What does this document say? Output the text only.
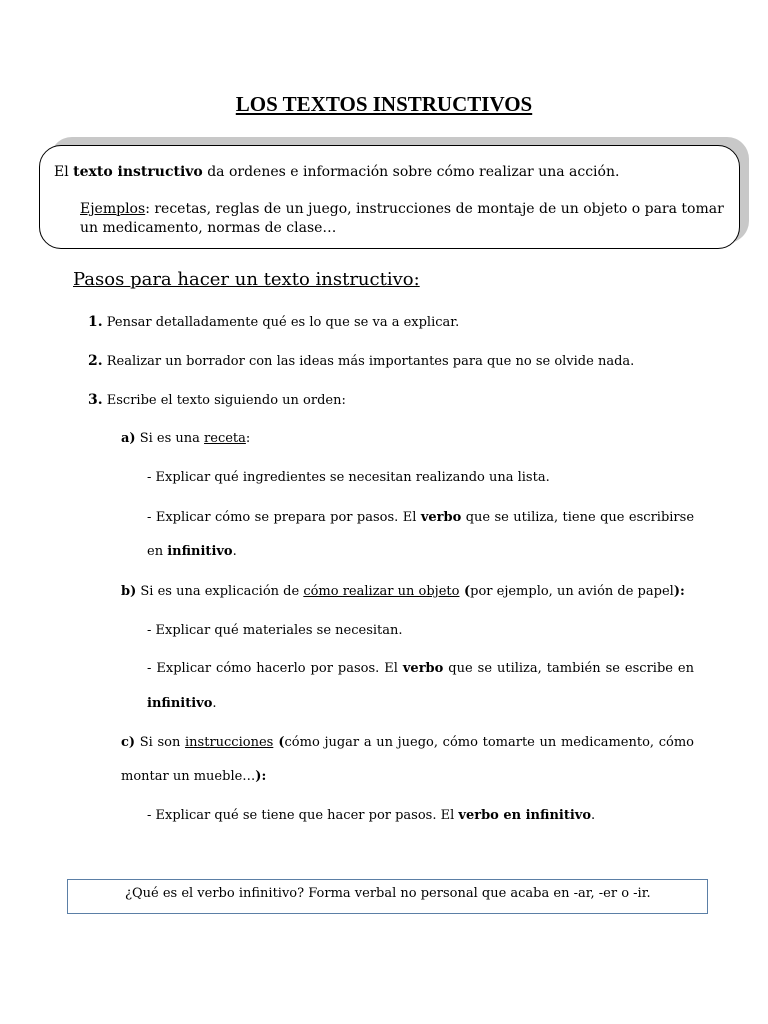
LOS TEXTOS INSTRUCTIVOS
El texto instructivo da ordenes e información sobre cómo realizar una acción.
Ejemplos: recetas, reglas de un juego, instrucciones de montaje de un objeto o para tomar
un medicamento, normas de clase…
Pasos para hacer un texto instructivo:
1. Pensar detalladamente qué es lo que se va a explicar.
2. Realizar un borrador con las ideas más importantes para que no se olvide nada.
3. Escribe el texto siguiendo un orden:
a) Si es una receta:
- Explicar qué ingredientes se necesitan realizando una lista.
- Explicar cómo se prepara por pasos. El verbo que se utiliza, tiene que escribirse
en infinitivo.
b) Si es una explicación de cómo realizar un objeto (por ejemplo, un avión de papel):
- Explicar qué materiales se necesitan.
- Explicar cómo hacerlo por pasos. El verbo que se utiliza, también se escribe en
infinitivo.
c) Si son instrucciones (cómo jugar a un juego, cómo tomarte un medicamento, cómo
montar un mueble…):
- Explicar qué se tiene que hacer por pasos. El verbo en infinitivo.
¿Qué es el verbo infinitivo? Forma verbal no personal que acaba en -ar, -er o -ir.
